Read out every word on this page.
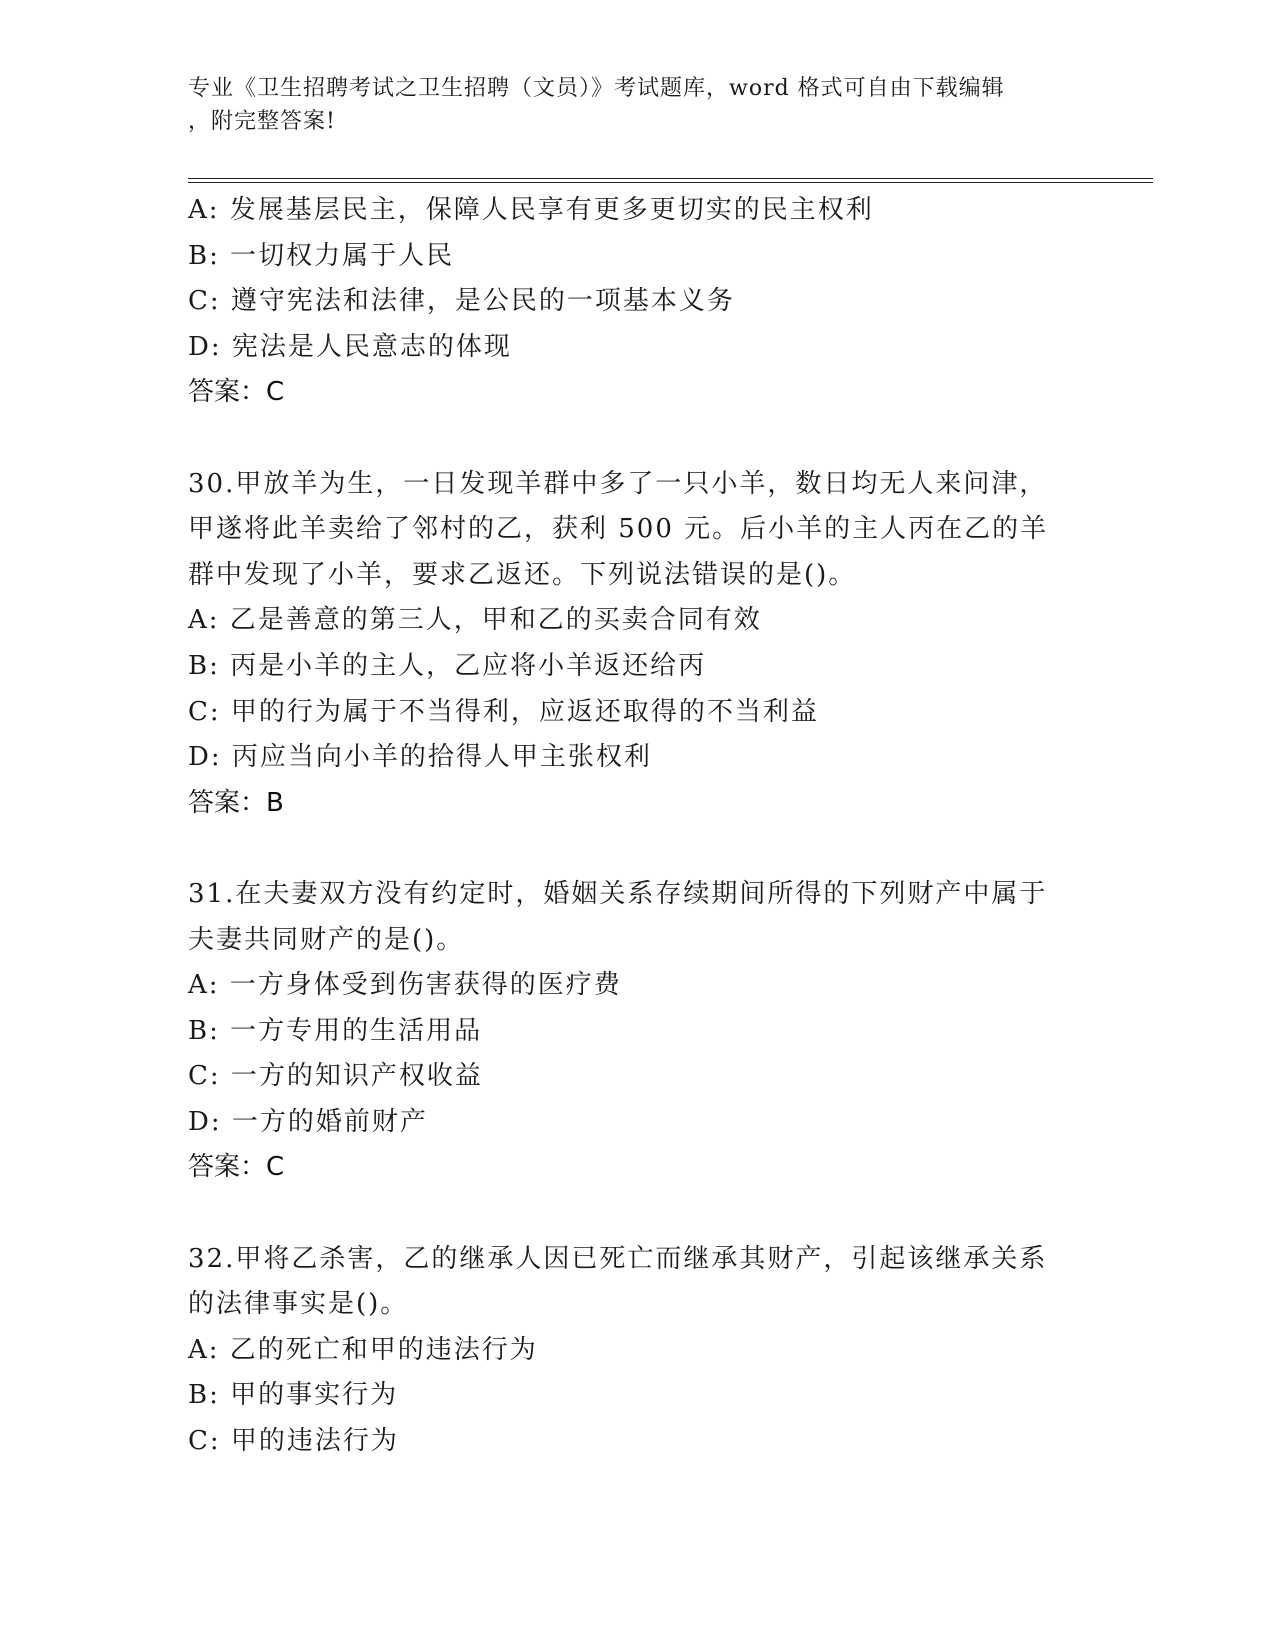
专业《卫生招聘考试之卫生招聘（文员）》考试题库，word 格式可自由下载编辑
，附完整答案!
A: 发展基层民主，保障人民享有更多更切实的民主权利
B: 一切权力属于人民
C: 遵守宪法和法律，是公民的一项基本义务
D: 宪法是人民意志的体现
答案：C
30.甲放羊为生，一日发现羊群中多了一只小羊，数日均无人来问津，
甲遂将此羊卖给了邻村的乙，获利 500 元。后小羊的主人丙在乙的羊
群中发现了小羊，要求乙返还。下列说法错误的是()。
A: 乙是善意的第三人，甲和乙的买卖合同有效
B: 丙是小羊的主人，乙应将小羊返还给丙
C: 甲的行为属于不当得利，应返还取得的不当利益
D: 丙应当向小羊的拾得人甲主张权利
答案：B
31.在夫妻双方没有约定时，婚姻关系存续期间所得的下列财产中属于
夫妻共同财产的是()。
A: 一方身体受到伤害获得的医疗费
B: 一方专用的生活用品
C: 一方的知识产权收益
D: 一方的婚前财产
答案：C
32.甲将乙杀害，乙的继承人因已死亡而继承其财产，引起该继承关系
的法律事实是()。
A: 乙的死亡和甲的违法行为
B: 甲的事实行为
C: 甲的违法行为
